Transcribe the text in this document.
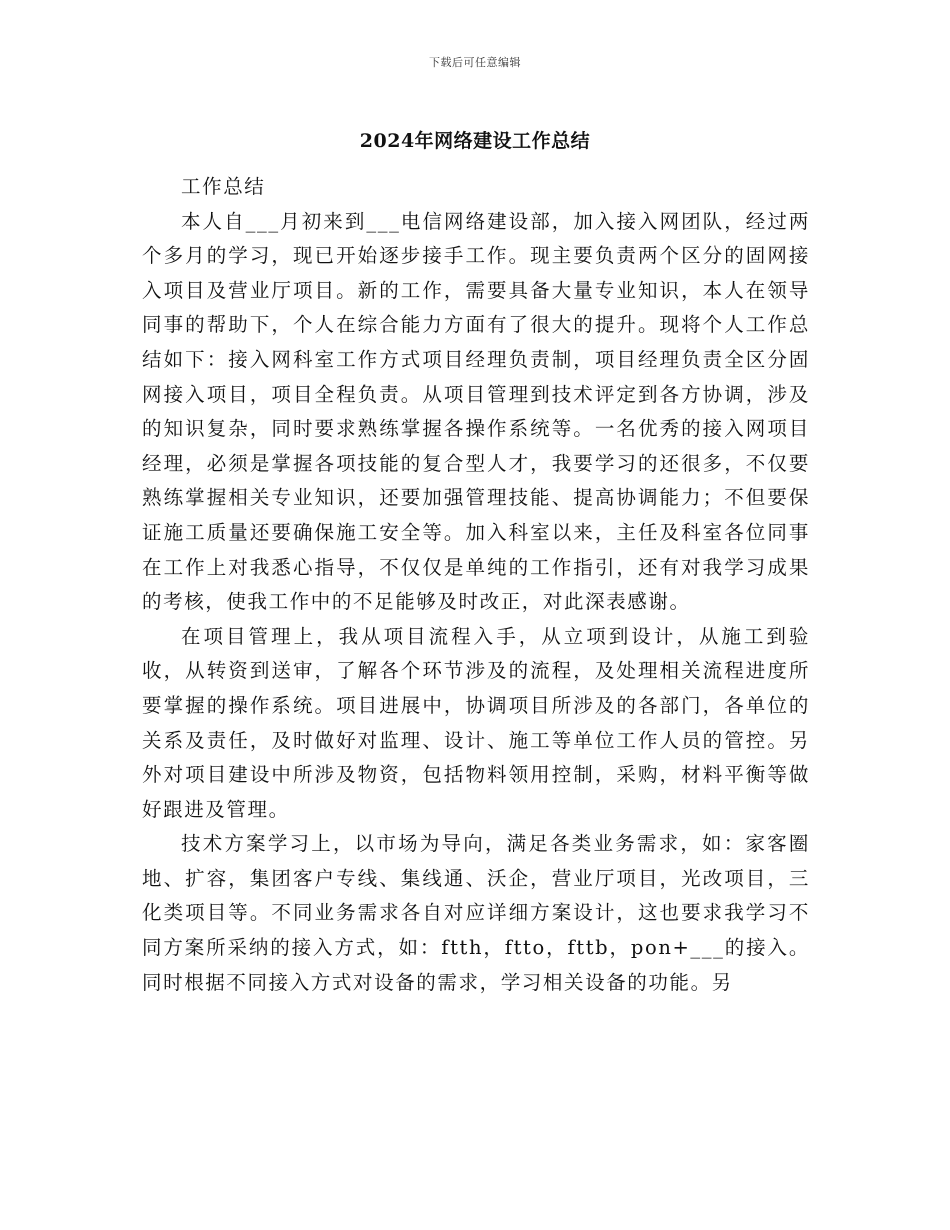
下载后可任意编辑
2024年网络建设工作总结

工作总结

本人自___月初来到___电信网络建设部，加入接入网团队，经过两个多月的学习，现已开始逐步接手工作。现主要负责两个区分的固网接入项目及营业厅项目。新的工作，需要具备大量专业知识，本人在领导同事的帮助下，个人在综合能力方面有了很大的提升。现将个人工作总结如下：接入网科室工作方式项目经理负责制，项目经理负责全区分固网接入项目，项目全程负责。从项目管理到技术评定到各方协调，涉及的知识复杂，同时要求熟练掌握各操作系统等。一名优秀的接入网项目经理，必须是掌握各项技能的复合型人才，我要学习的还很多，不仅要熟练掌握相关专业知识，还要加强管理技能、提高协调能力；不但要保证施工质量还要确保施工安全等。加入科室以来，主任及科室各位同事在工作上对我悉心指导，不仅仅是单纯的工作指引，还有对我学习成果的考核，使我工作中的不足能够及时改正，对此深表感谢。

在项目管理上，我从项目流程入手，从立项到设计，从施工到验收，从转资到送审，了解各个环节涉及的流程，及处理相关流程进度所要掌握的操作系统。项目进展中，协调项目所涉及的各部门，各单位的关系及责任，及时做好对监理、设计、施工等单位工作人员的管控。另外对项目建设中所涉及物资，包括物料领用控制，采购，材料平衡等做好跟进及管理。

技术方案学习上，以市场为导向，满足各类业务需求，如：家客圈地、扩容，集团客户专线、集线通、沃企，营业厅项目，光改项目，三化类项目等。不同业务需求各自对应详细方案设计，这也要求我学习不同方案所采纳的接入方式，如：ftth，ftto，fttb，pon+___的接入。同时根据不同接入方式对设备的需求，学习相关设备的功能。另
